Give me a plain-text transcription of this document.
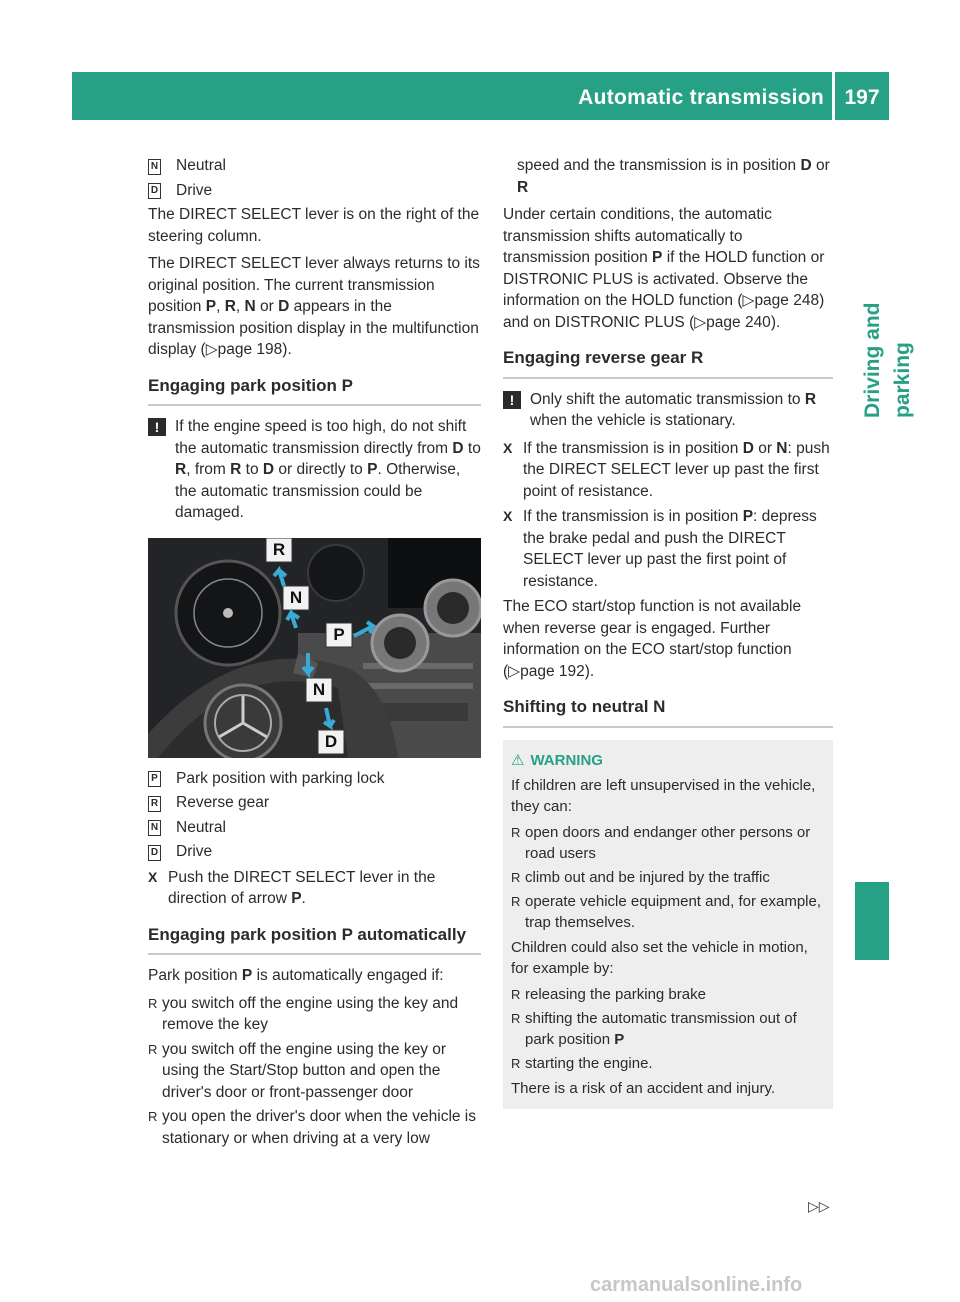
Automatic transmission 197
Driving and parking
N	Neutral
D	Drive

The DIRECT SELECT lever is on the right of the steering column.

The DIRECT SELECT lever always returns to its original position. The current transmission position P, R, N or D appears in the transmission position display in the multifunction display (▷page 198).

Engaging park position P
!	If the engine speed is too high, do not shift the automatic transmission directly from D to R, from R to D or directly to P. Otherwise, the automatic transmission could be damaged.
R
N
P
N
D
P	Park position with parking lock
R	Reverse gear
N	Neutral
D	Drive
X Push the DIRECT SELECT lever in the direction of arrow P.
Engaging park position P automatically

Park position P is automatically engaged if:

R you switch off the engine using the key and remove the key
R you switch off the engine using the key or using the Start/Stop button and open the driver's door or front-passenger door
R you open the driver's door when the vehicle is stationary or when driving at a very low

speed and the transmission is in position D or R

Under certain conditions, the automatic transmission shifts automatically to transmission position P if the HOLD function or DISTRONIC PLUS is activated. Observe the information on the HOLD function (▷page 248) and on DISTRONIC PLUS (▷page 240).

Engaging reverse gear R
!	Only shift the automatic transmission to R when the vehicle is stationary.
X If the transmission is in position D or N: push the DIRECT SELECT lever up past the first point of resistance.
X If the transmission is in position P: depress the brake pedal and push the DIRECT SELECT lever up past the first point of resistance.

The ECO start/stop function is not available when reverse gear is engaged. Further information on the ECO start/stop function (▷page 192).

Shifting to neutral N
⚠ WARNING

If children are left unsupervised in the vehicle, they can:

R open doors and endanger other persons or road users
R climb out and be injured by the traffic
R operate vehicle equipment and, for example, trap themselves.

Children could also set the vehicle in motion, for example by:

R releasing the parking brake
R shifting the automatic transmission out of park position P
R starting the engine.

There is a risk of an accident and injury.

▷▷
carmanualsonline.info
